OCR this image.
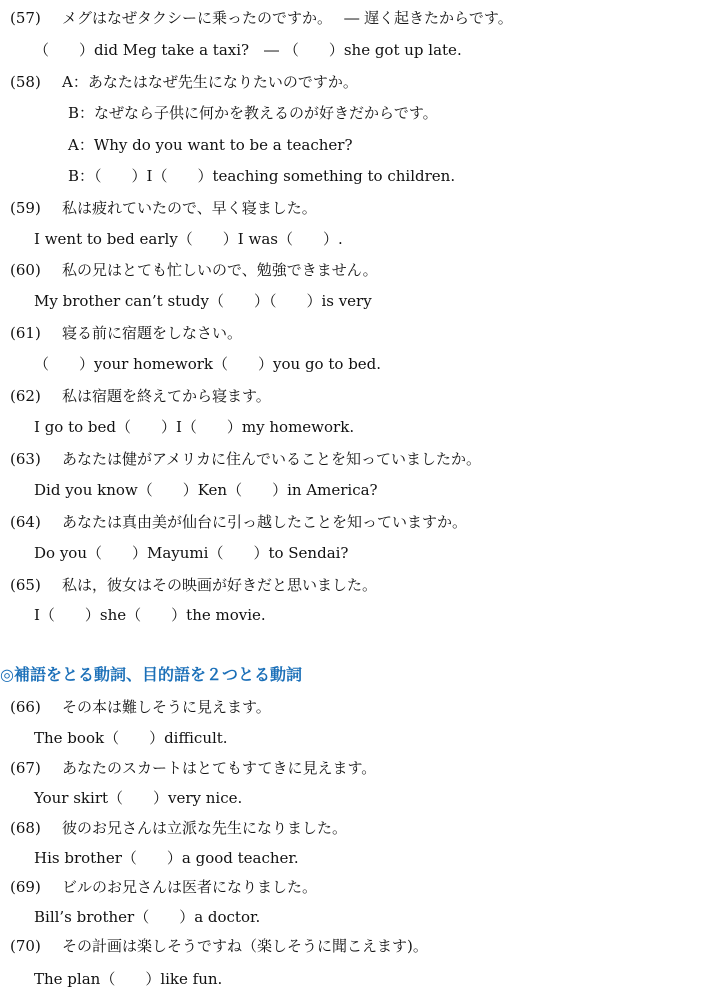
◎補語をとる動詞、目的語を２つとる動詞
(57) メグはなぜタクシーに乗ったのですか。　 ― 遅く起きたからです。
（　　）did Meg take a taxi?　― （　　）she got up late.
(58) A：あなたはなぜ先生になりたいのですか。
B：なぜなら子供に何かを教えるのが好きだからです。
A：Why do you want to be a teacher?
B：（　　）I（　　）teaching something to children.
(59) 私は疲れていたので、早く寝ました。
I went to bed early（　　）I was（　　）.
(60) 私の兄はとても忙しいので、勉強できません。
My brother can’t study（　　）（　　）is very
(61) 寝る前に宿題をしなさい。
（　　）your homework（　　）you go to bed.
(62) 私は宿題を終えてから寝ます。
I go to bed（　　）I（　　）my homework.
(63) あなたは健がアメリカに住んでいることを知っていましたか。
Did you know（　　）Ken（　　）in America?
(64) あなたは真由美が仙台に引っ越したことを知っていますか。
Do you（　　）Mayumi（　　）to Sendai?
(65) 私は，彼女はその映画が好きだと思いました。
I（　　）she（　　）the movie.
(66) その本は難しそうに見えます。
The book（　　）difficult.
(67) あなたのスカートはとてもすてきに見えます。
Your skirt（　　）very nice.
(68) 彼のお兄さんは立派な先生になりました。
His brother（　　）a good teacher.
(69) ビルのお兄さんは医者になりました。
Bill’s brother（　　）a doctor.
(70) その計画は楽しそうですね（楽しそうに聞こえます)。
The plan（　　）like fun.
